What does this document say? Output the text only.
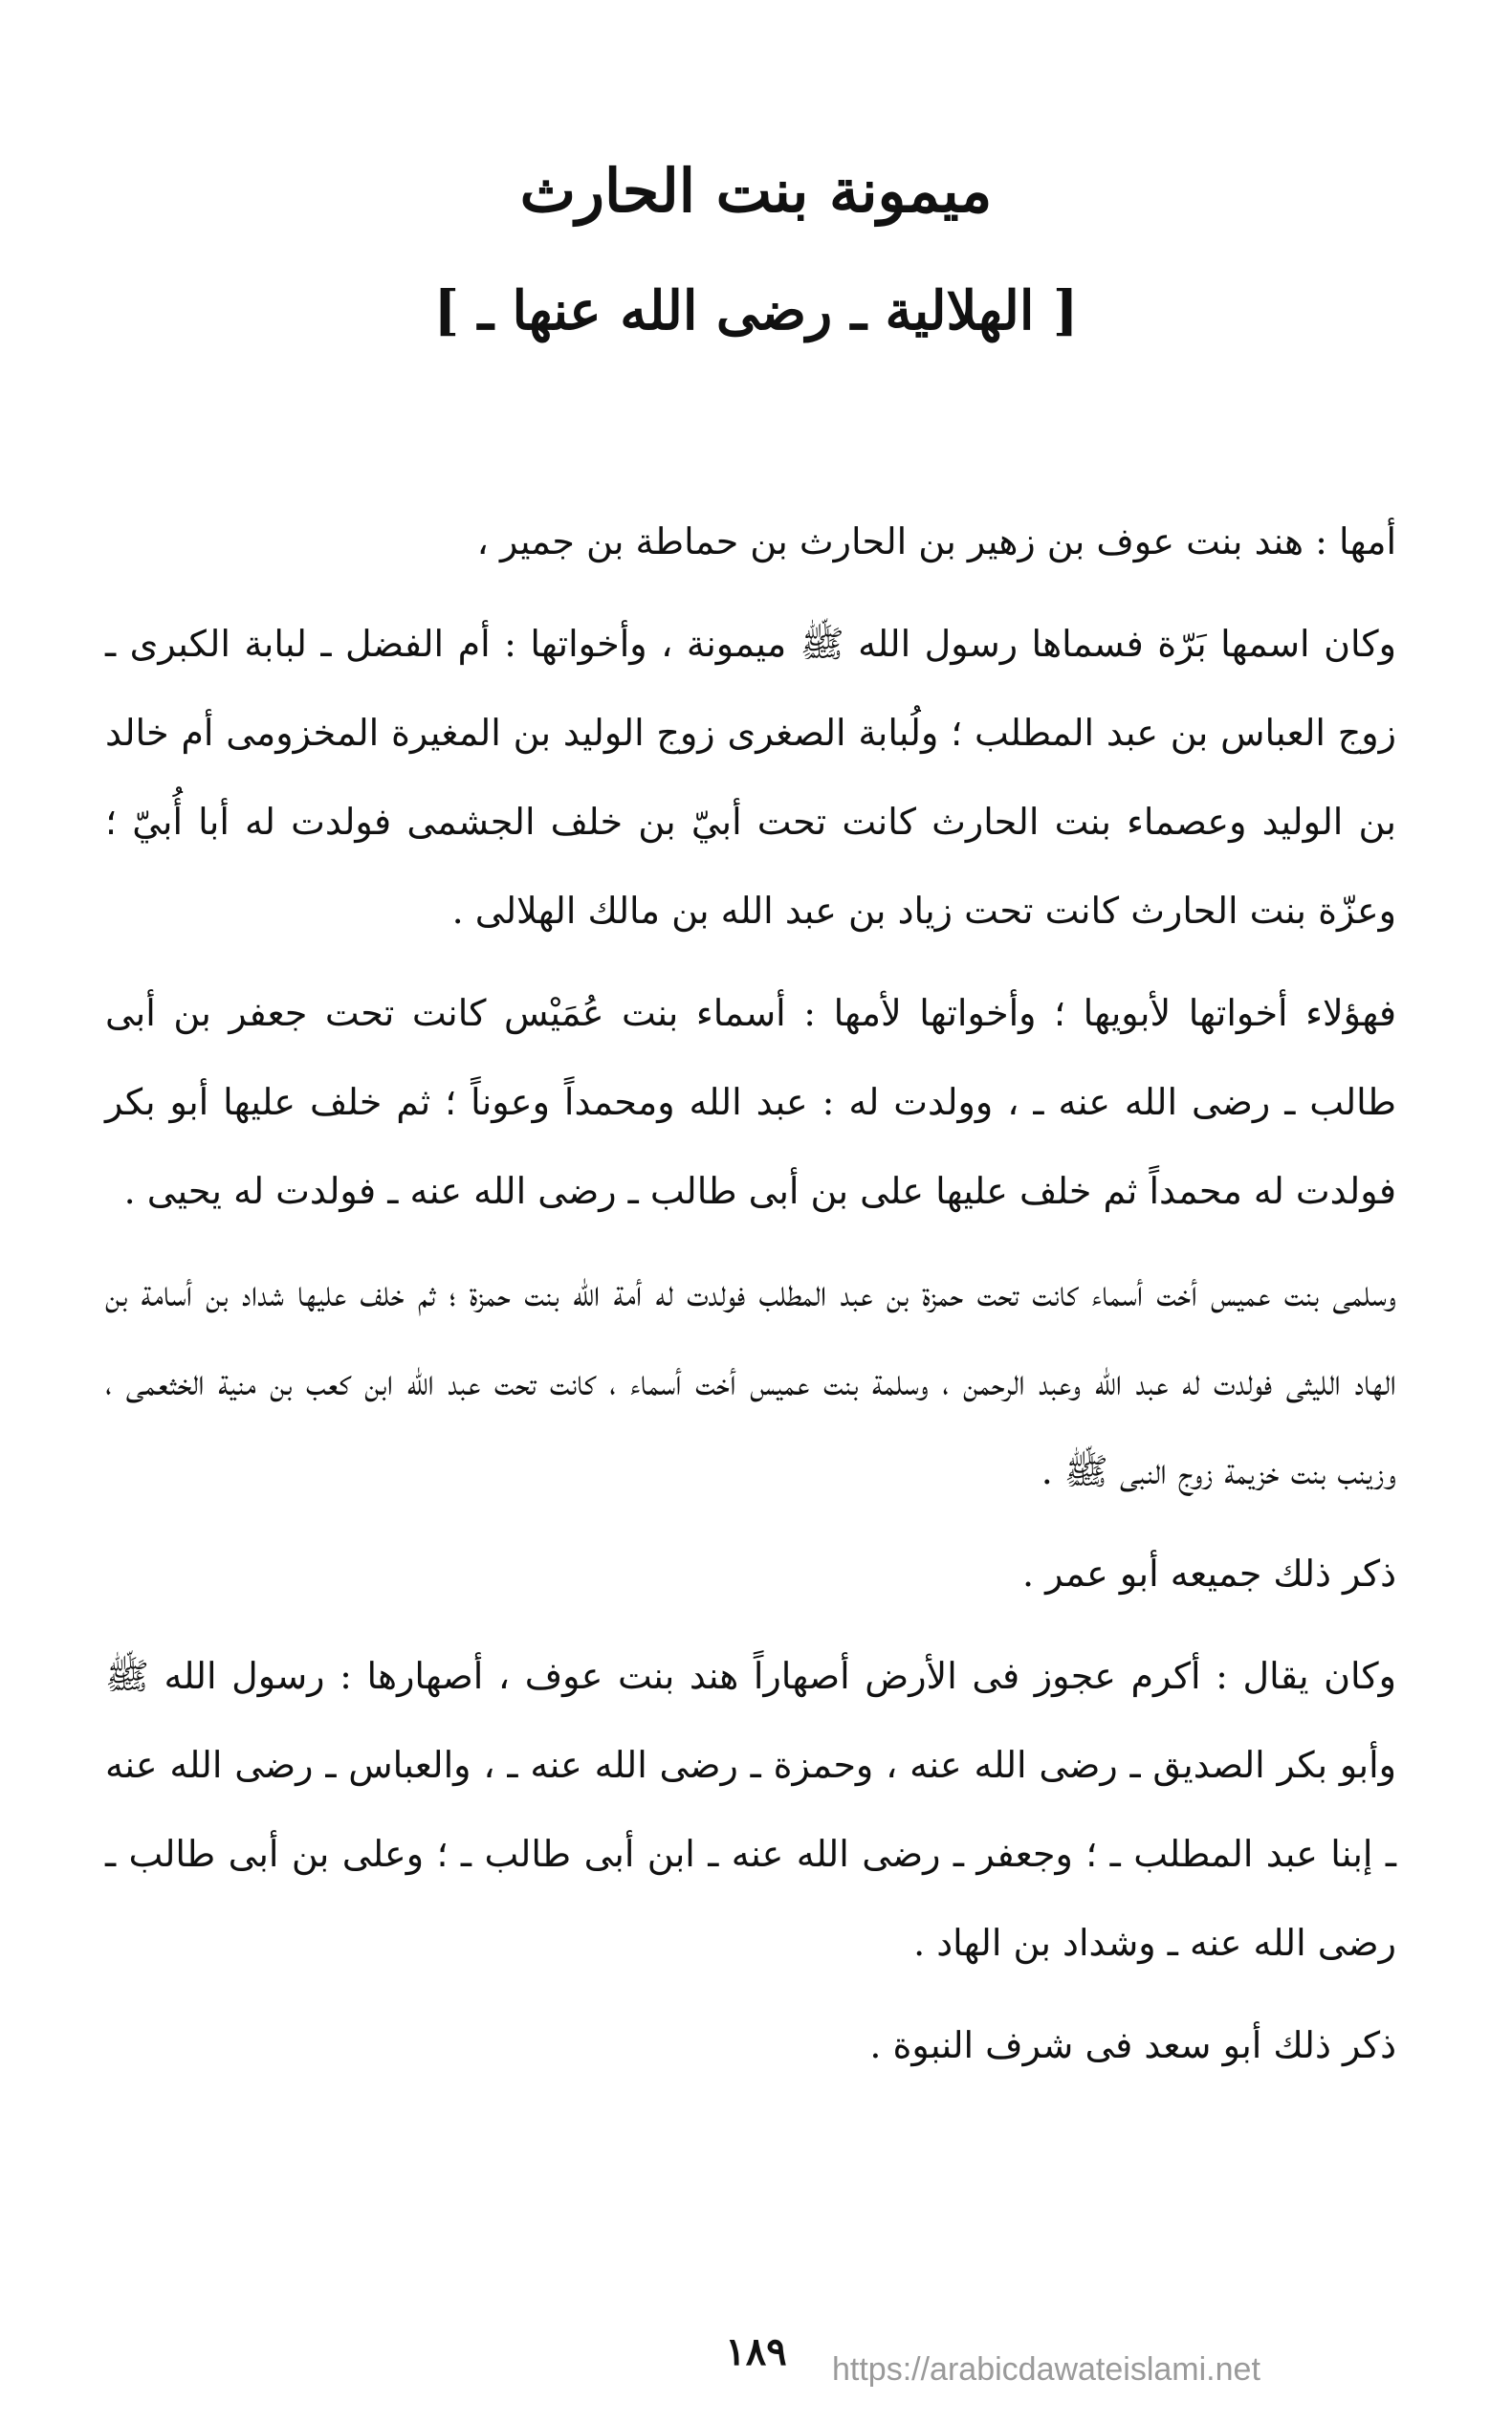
ميمونة بنت الحارث
[ الهلالية ـ رضى الله عنها ـ ]

أمها : هند بنت عوف بن زهير بن الحارث بن حماطة بن جمير ،

وكان اسمها بَرّة فسماها رسول الله ﷺ ميمونة ، وأخواتها : أم الفضل ـ لبابة الكبرى ـ زوج العباس بن عبد المطلب ؛ ولُبابة الصغرى زوج الوليد بن المغيرة المخزومى أم خالد بن الوليد وعصماء بنت الحارث كانت تحت أبيّ بن خلف الجشمى فولدت له أبا أُبيّ ؛ وعزّة بنت الحارث كانت تحت زياد بن عبد الله بن مالك الهلالى .

فهؤلاء أخواتها لأبويها ؛ وأخواتها لأمها : أسماء بنت عُمَيْس كانت تحت جعفر بن أبى طالب ـ رضى الله عنه ـ ، وولدت له : عبد الله ومحمداً وعوناً ؛ ثم خلف عليها أبو بكر فولدت له محمداً ثم خلف عليها على بن أبى طالب ـ رضى الله عنه ـ فولدت له يحيى .

وسلمى بنت عميس أخت أسماء كانت تحت حمزة بن عبد المطلب فولدت له أمة الله بنت حمزة ؛ ثم خلف عليها شداد بن أسامة بن الهاد الليثى فولدت له عبد الله وعبد الرحمن ، وسلمة بنت عميس أخت أسماء ، كانت تحت عبد الله ابن كعب بن منية الخثعمى ، وزينب بنت خزيمة زوج النبى ﷺ .

ذكر ذلك جميعه أبو عمر .

وكان يقال : أكرم عجوز فى الأرض أصهاراً هند بنت عوف ، أصهارها : رسول الله ﷺ وأبو بكر الصديق ـ رضى الله عنه ، وحمزة ـ رضى الله عنه ـ ، والعباس ـ رضى الله عنه ـ إبنا عبد المطلب ـ ؛ وجعفر ـ رضى الله عنه ـ ابن أبى طالب ـ ؛ وعلى بن أبى طالب ـ رضى الله عنه ـ وشداد بن الهاد .

ذكر ذلك أبو سعد فى شرف النبوة .

١٨٩	https://arabicdawateislami.net
